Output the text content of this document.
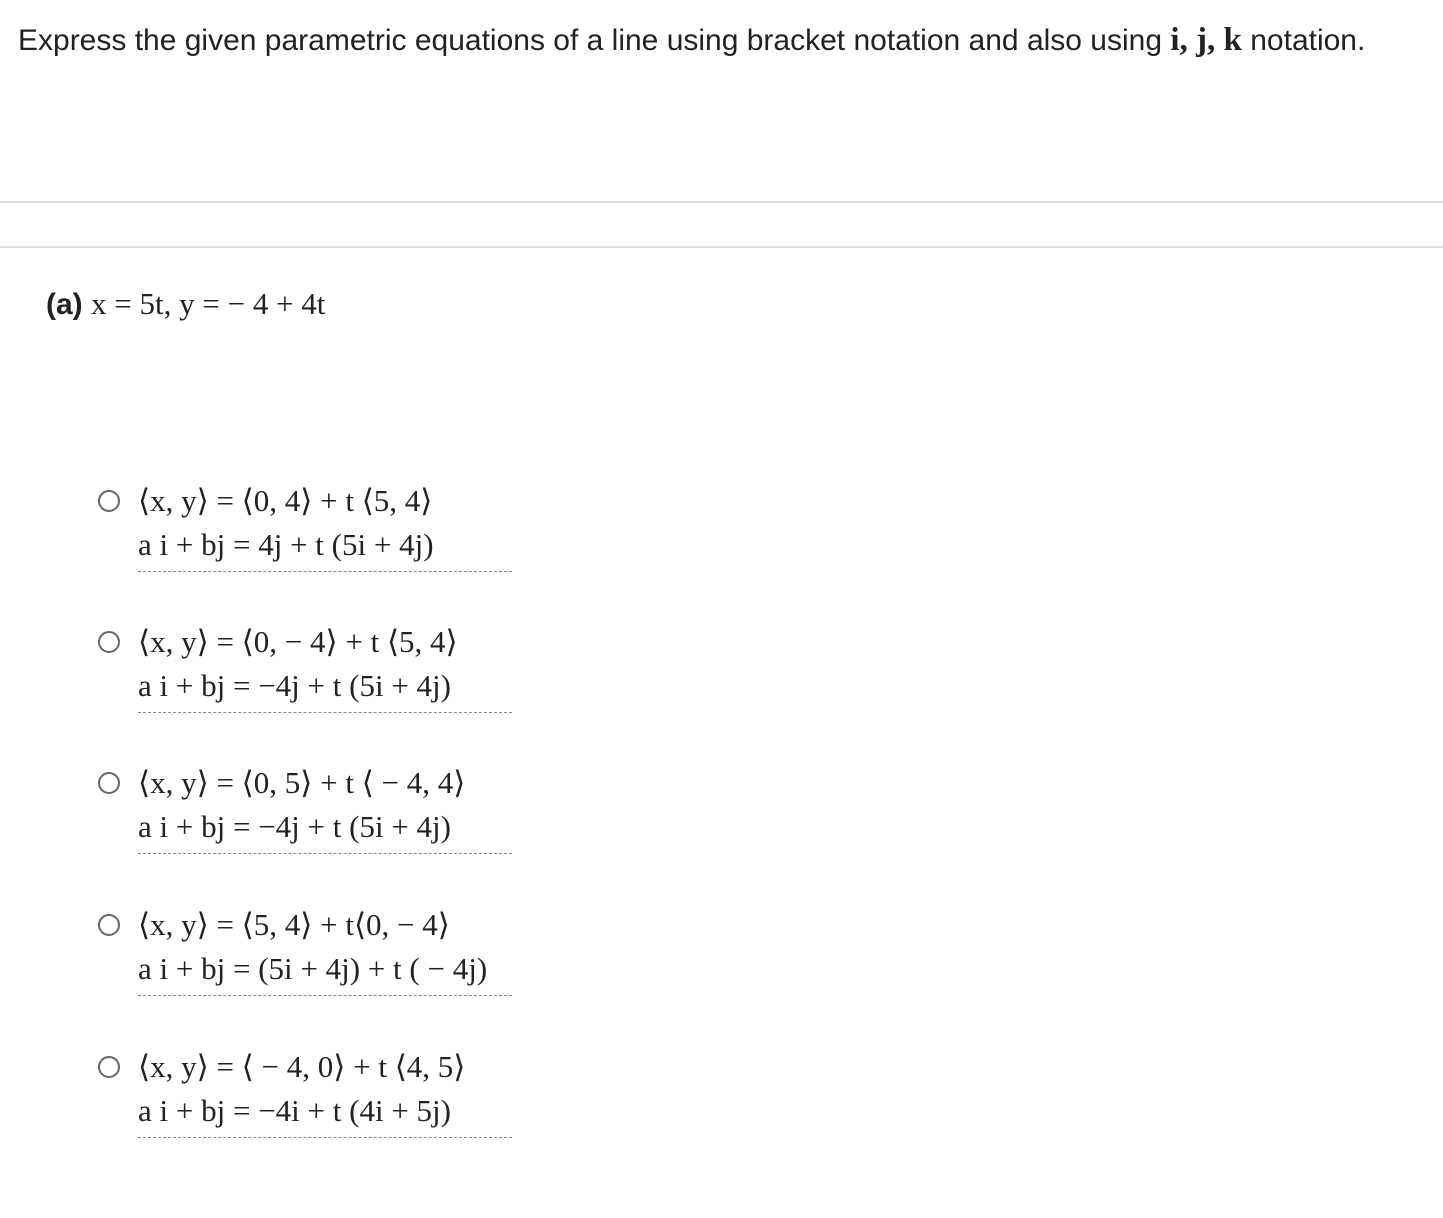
Express the given parametric equations of a line using bracket notation and also using i, j, k notation.
(a) x = 5t, y = − 4 + 4t
⟨x, y⟩ = ⟨0, 4⟩ + t ⟨5, 4⟩
a i + bj = 4j + t (5i + 4j)
⟨x, y⟩ = ⟨0, − 4⟩ + t ⟨5, 4⟩
a i + bj = −4j + t (5i + 4j)
⟨x, y⟩ = ⟨0, 5⟩ + t ⟨ − 4, 4⟩
a i + bj = −4j + t (5i + 4j)
⟨x, y⟩ = ⟨5, 4⟩ + t⟨0, − 4⟩
a i + bj = (5i + 4j) + t ( − 4j)
⟨x, y⟩ = ⟨ − 4, 0⟩ + t ⟨4, 5⟩
a i + bj = −4i + t (4i + 5j)
